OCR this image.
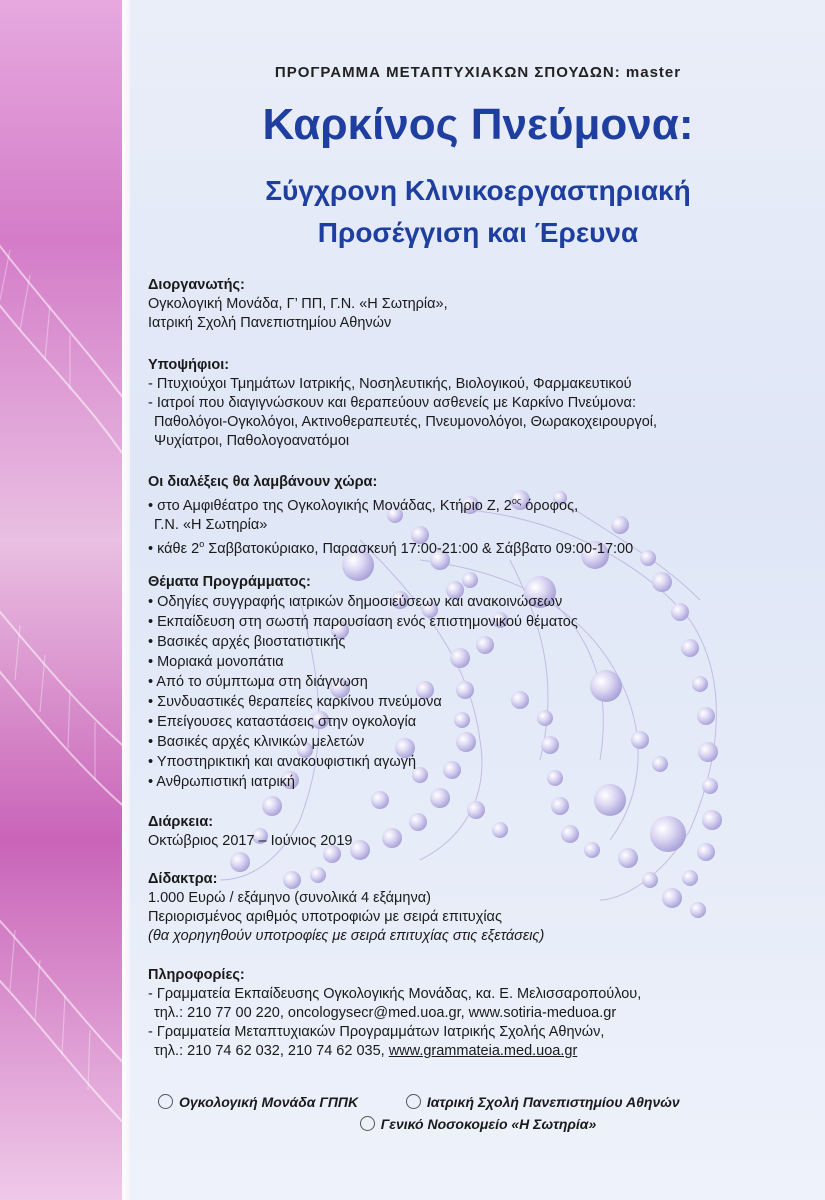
ΠΡΟΓΡΑΜΜΑ ΜΕΤΑΠΤΥΧΙΑΚΩΝ ΣΠΟΥΔΩΝ: master
Καρκίνος Πνεύμονα:
Σύγχρονη Κλινικοεργαστηριακή
Προσέγγιση και Έρευνα
Διοργανωτής:
Ογκολογική Μονάδα, Γ’ ΠΠ, Γ.Ν. «Η Σωτηρία»,
Ιατρική Σχολή Πανεπιστημίου Αθηνών
Υποψήφιοι:
- Πτυχιούχοι Τμημάτων Ιατρικής, Νοσηλευτικής, Βιολογικού, Φαρμακευτικού
- Ιατροί που διαγιγνώσκουν και θεραπεύουν ασθενείς με Καρκίνο Πνεύμονα:
Παθολόγοι-Ογκολόγοι, Ακτινοθεραπευτές, Πνευμονολόγοι, Θωρακοχειρουργοί,
Ψυχίατροι, Παθολογοανατόμοι
Οι διαλέξεις θα λαμβάνουν χώρα:
• στο Αμφιθέατρο της Ογκολογικής Μονάδας, Κτήριο Ζ, $2^{o\varsigma}$ όροφος,
Γ.Ν. «Η Σωτηρία»
• κάθε $2^o$ Σαββατοκύριακο, Παρασκευή 17:00-21:00 & Σάββατο 09:00-17:00
Θέματα Προγράμματος:
• Οδηγίες συγγραφής ιατρικών δημοσιεύσεων και ανακοινώσεων
• Εκπαίδευση στη σωστή παρουσίαση ενός επιστημονικού θέματος
• Βασικές αρχές βιοστατιστικής
• Μοριακά μονοπάτια
• Από το σύμπτωμα στη διάγνωση
• Συνδυαστικές θεραπείες καρκίνου πνεύμονα
• Επείγουσες καταστάσεις στην ογκολογία
• Βασικές αρχές κλινικών μελετών
• Υποστηρικτική και ανακουφιστική αγωγή
• Ανθρωπιστική ιατρική
Διάρκεια:
Οκτώβριος 2017 – Ιούνιος 2019
Δίδακτρα:
1.000 Ευρώ / εξάμηνο (συνολικά 4 εξάμηνα)
Περιορισμένος αριθμός υποτροφιών με σειρά επιτυχίας
(θα χορηγηθούν υποτροφίες με σειρά επιτυχίας στις εξετάσεις)
Πληροφορίες:
- Γραμματεία Εκπαίδευσης Ογκολογικής Μονάδας, κα. Ε. Μελισσαροπούλου,
τηλ.: 210 77 00 220, oncologysecr@med.uoa.gr, www.sotiria-meduoa.gr
- Γραμματεία Μεταπτυχιακών Προγραμμάτων Ιατρικής Σχολής Αθηνών,
τηλ.: 210 74 62 032, 210 74 62 035, www.grammateia.med.uoa.gr
Ογκολογική Μονάδα ΓΠΠΚ	Ιατρική Σχολή Πανεπιστημίου Αθηνών
Γενικό Νοσοκομείο «Η Σωτηρία»
